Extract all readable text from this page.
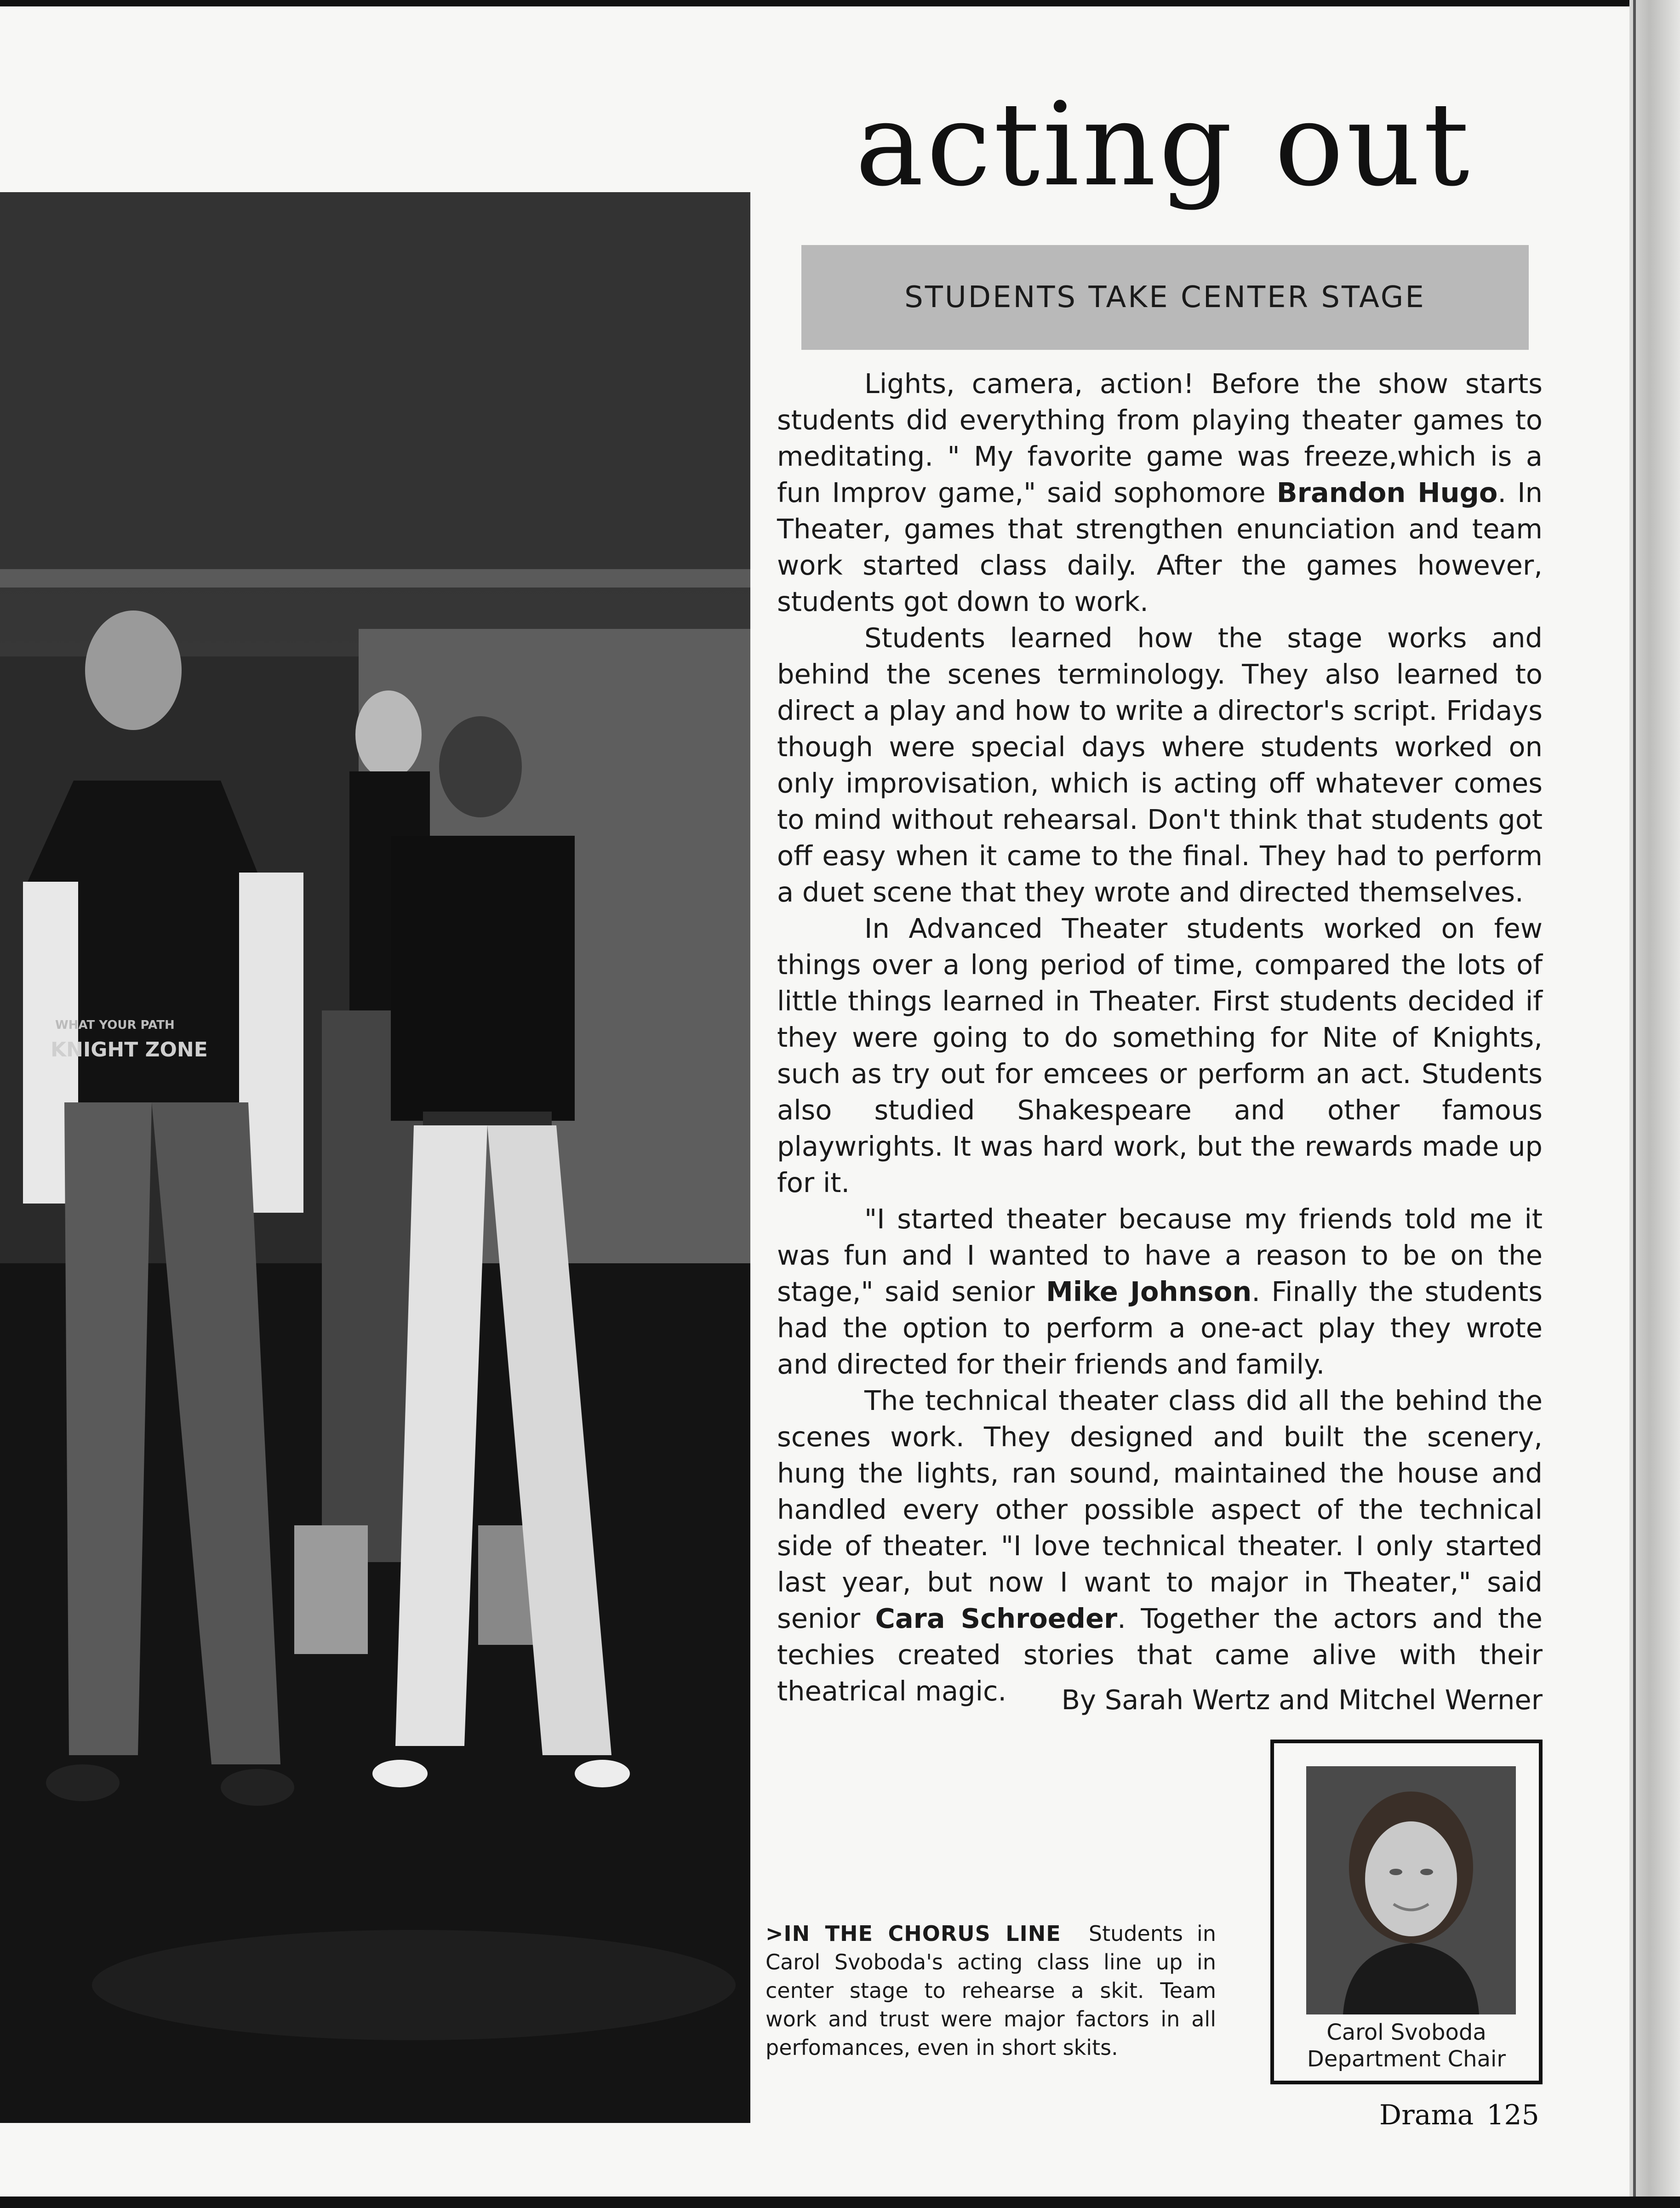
acting out
WHAT YOUR PATH
KNIGHT ZONE
STUDENTS TAKE CENTER STAGE

Lights, camera, action! Before the show starts students did everything from playing theater games to meditating. " My favorite game was freeze,which is a fun Improv game," said sophomore Brandon Hugo. In Theater, games that strengthen enunciation and team work started class daily. After the games however, students got down to work.

Students learned how the stage works and behind the scenes terminology. They also learned to direct a play and how to write a director's script. Fridays though were special days where students worked on only improvisation, which is acting off whatever comes to mind without rehearsal. Don't think that students got off easy when it came to the final. They had to perform a duet scene that they wrote and directed themselves.

In Advanced Theater students worked on few things over a long period of time, compared the lots of little things learned in Theater. First students decided if they were going to do something for Nite of Knights, such as try out for emcees or perform an act. Students also studied Shakespeare and other famous playwrights. It was hard work, but the rewards made up for it.

"I started theater because my friends told me it was fun and I wanted to have a reason to be on the stage," said senior Mike Johnson. Finally the students had the option to perform a one-act play they wrote and directed for their friends and family.

The technical theater class did all the behind the scenes work. They designed and built the scenery, hung the lights, ran sound, maintained the house and handled every other possible aspect of the technical side of theater. "I love technical theater. I only started last year, but now I want to major in Theater," said senior Cara Schroeder. Together the actors and the techies created stories that came alive with their theatrical magic.	By Sarah Wertz and Mitchel Werner
Carol Svoboda
Department Chair
>IN THE CHORUS LINE Students in Carol Svoboda's acting class line up in center stage to rehearse a skit. Team work and trust were major factors in all perfomances, even in short skits.
Drama 125
